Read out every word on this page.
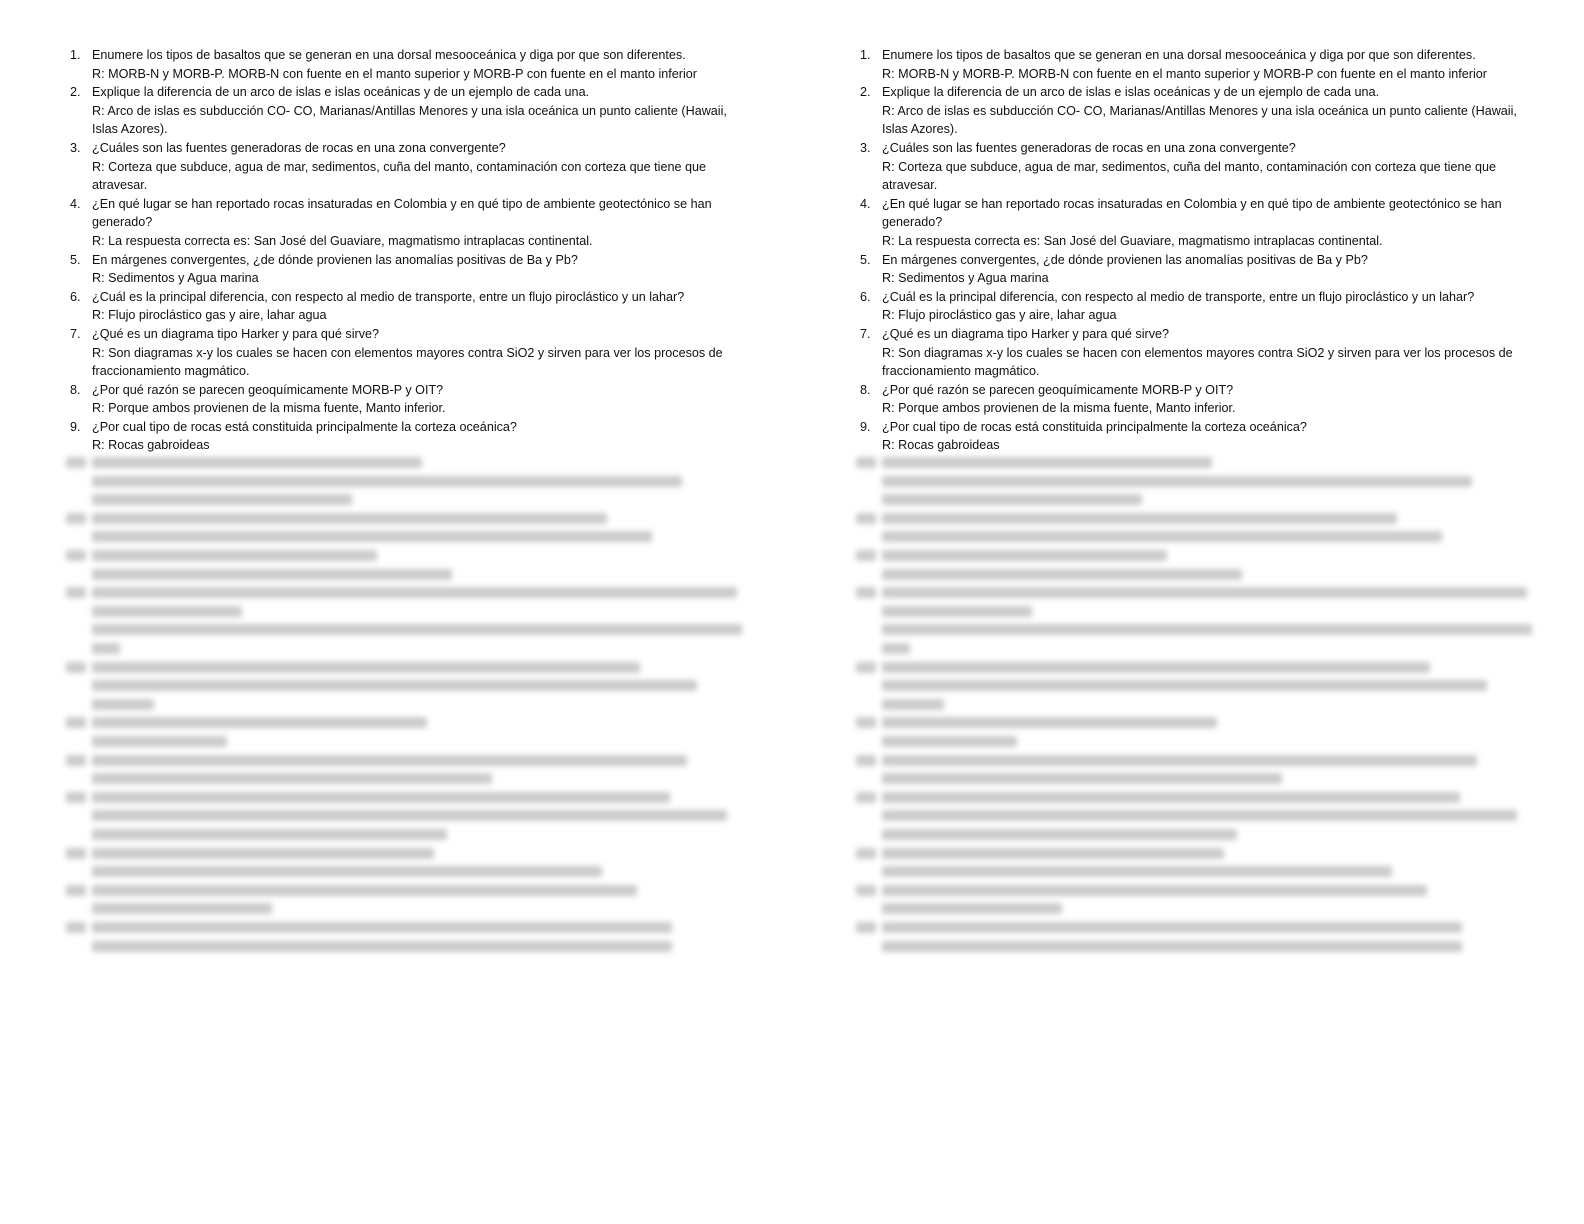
1. Enumere los tipos de basaltos que se generan en una dorsal mesooceánica y diga por que son diferentes.
R: MORB-N y MORB-P. MORB-N con fuente en el manto superior y MORB-P con fuente en el manto inferior
2. Explique la diferencia de un arco de islas e islas oceánicas y de un ejemplo de cada una.
R: Arco de islas es subducción CO- CO, Marianas/Antillas Menores y una isla oceánica un punto caliente (Hawaii, Islas Azores).
3. ¿Cuáles son las fuentes generadoras de rocas en una zona convergente?
R: Corteza que subduce, agua de mar, sedimentos, cuña del manto, contaminación con corteza que tiene que atravesar.
4. ¿En qué lugar se han reportado rocas insaturadas en Colombia y en qué tipo de ambiente geotectónico se han generado?
R: La respuesta correcta es: San José del Guaviare, magmatismo intraplacas continental.
5. En márgenes convergentes, ¿de dónde provienen las anomalías positivas de Ba y Pb?
R: Sedimentos y Agua marina
6. ¿Cuál es la principal diferencia, con respecto al medio de transporte, entre un flujo piroclástico y un lahar?
R: Flujo piroclástico gas y aire, lahar agua
7. ¿Qué es un diagrama tipo Harker y para qué sirve?
R: Son diagramas x-y los cuales se hacen con elementos mayores contra SiO2 y sirven para ver los procesos de fraccionamiento magmático.
8. ¿Por qué razón se parecen geoquímicamente MORB-P y OIT?
R: Porque ambos provienen de la misma fuente, Manto inferior.
9. ¿Por cual tipo de rocas está constituida principalmente la corteza oceánica?
R: Rocas gabroideas
1. Enumere los tipos de basaltos que se generan en una dorsal mesooceánica y diga por que son diferentes.
R: MORB-N y MORB-P. MORB-N con fuente en el manto superior y MORB-P con fuente en el manto inferior
2. Explique la diferencia de un arco de islas e islas oceánicas y de un ejemplo de cada una.
R: Arco de islas es subducción CO- CO, Marianas/Antillas Menores y una isla oceánica un punto caliente (Hawaii, Islas Azores).
3. ¿Cuáles son las fuentes generadoras de rocas en una zona convergente?
R: Corteza que subduce, agua de mar, sedimentos, cuña del manto, contaminación con corteza que tiene que atravesar.
4. ¿En qué lugar se han reportado rocas insaturadas en Colombia y en qué tipo de ambiente geotectónico se han generado?
R: La respuesta correcta es: San José del Guaviare, magmatismo intraplacas continental.
5. En márgenes convergentes, ¿de dónde provienen las anomalías positivas de Ba y Pb?
R: Sedimentos y Agua marina
6. ¿Cuál es la principal diferencia, con respecto al medio de transporte, entre un flujo piroclástico y un lahar?
R: Flujo piroclástico gas y aire, lahar agua
7. ¿Qué es un diagrama tipo Harker y para qué sirve?
R: Son diagramas x-y los cuales se hacen con elementos mayores contra SiO2 y sirven para ver los procesos de fraccionamiento magmático.
8. ¿Por qué razón se parecen geoquímicamente MORB-P y OIT?
R: Porque ambos provienen de la misma fuente, Manto inferior.
9. ¿Por cual tipo de rocas está constituida principalmente la corteza oceánica?
R: Rocas gabroideas
